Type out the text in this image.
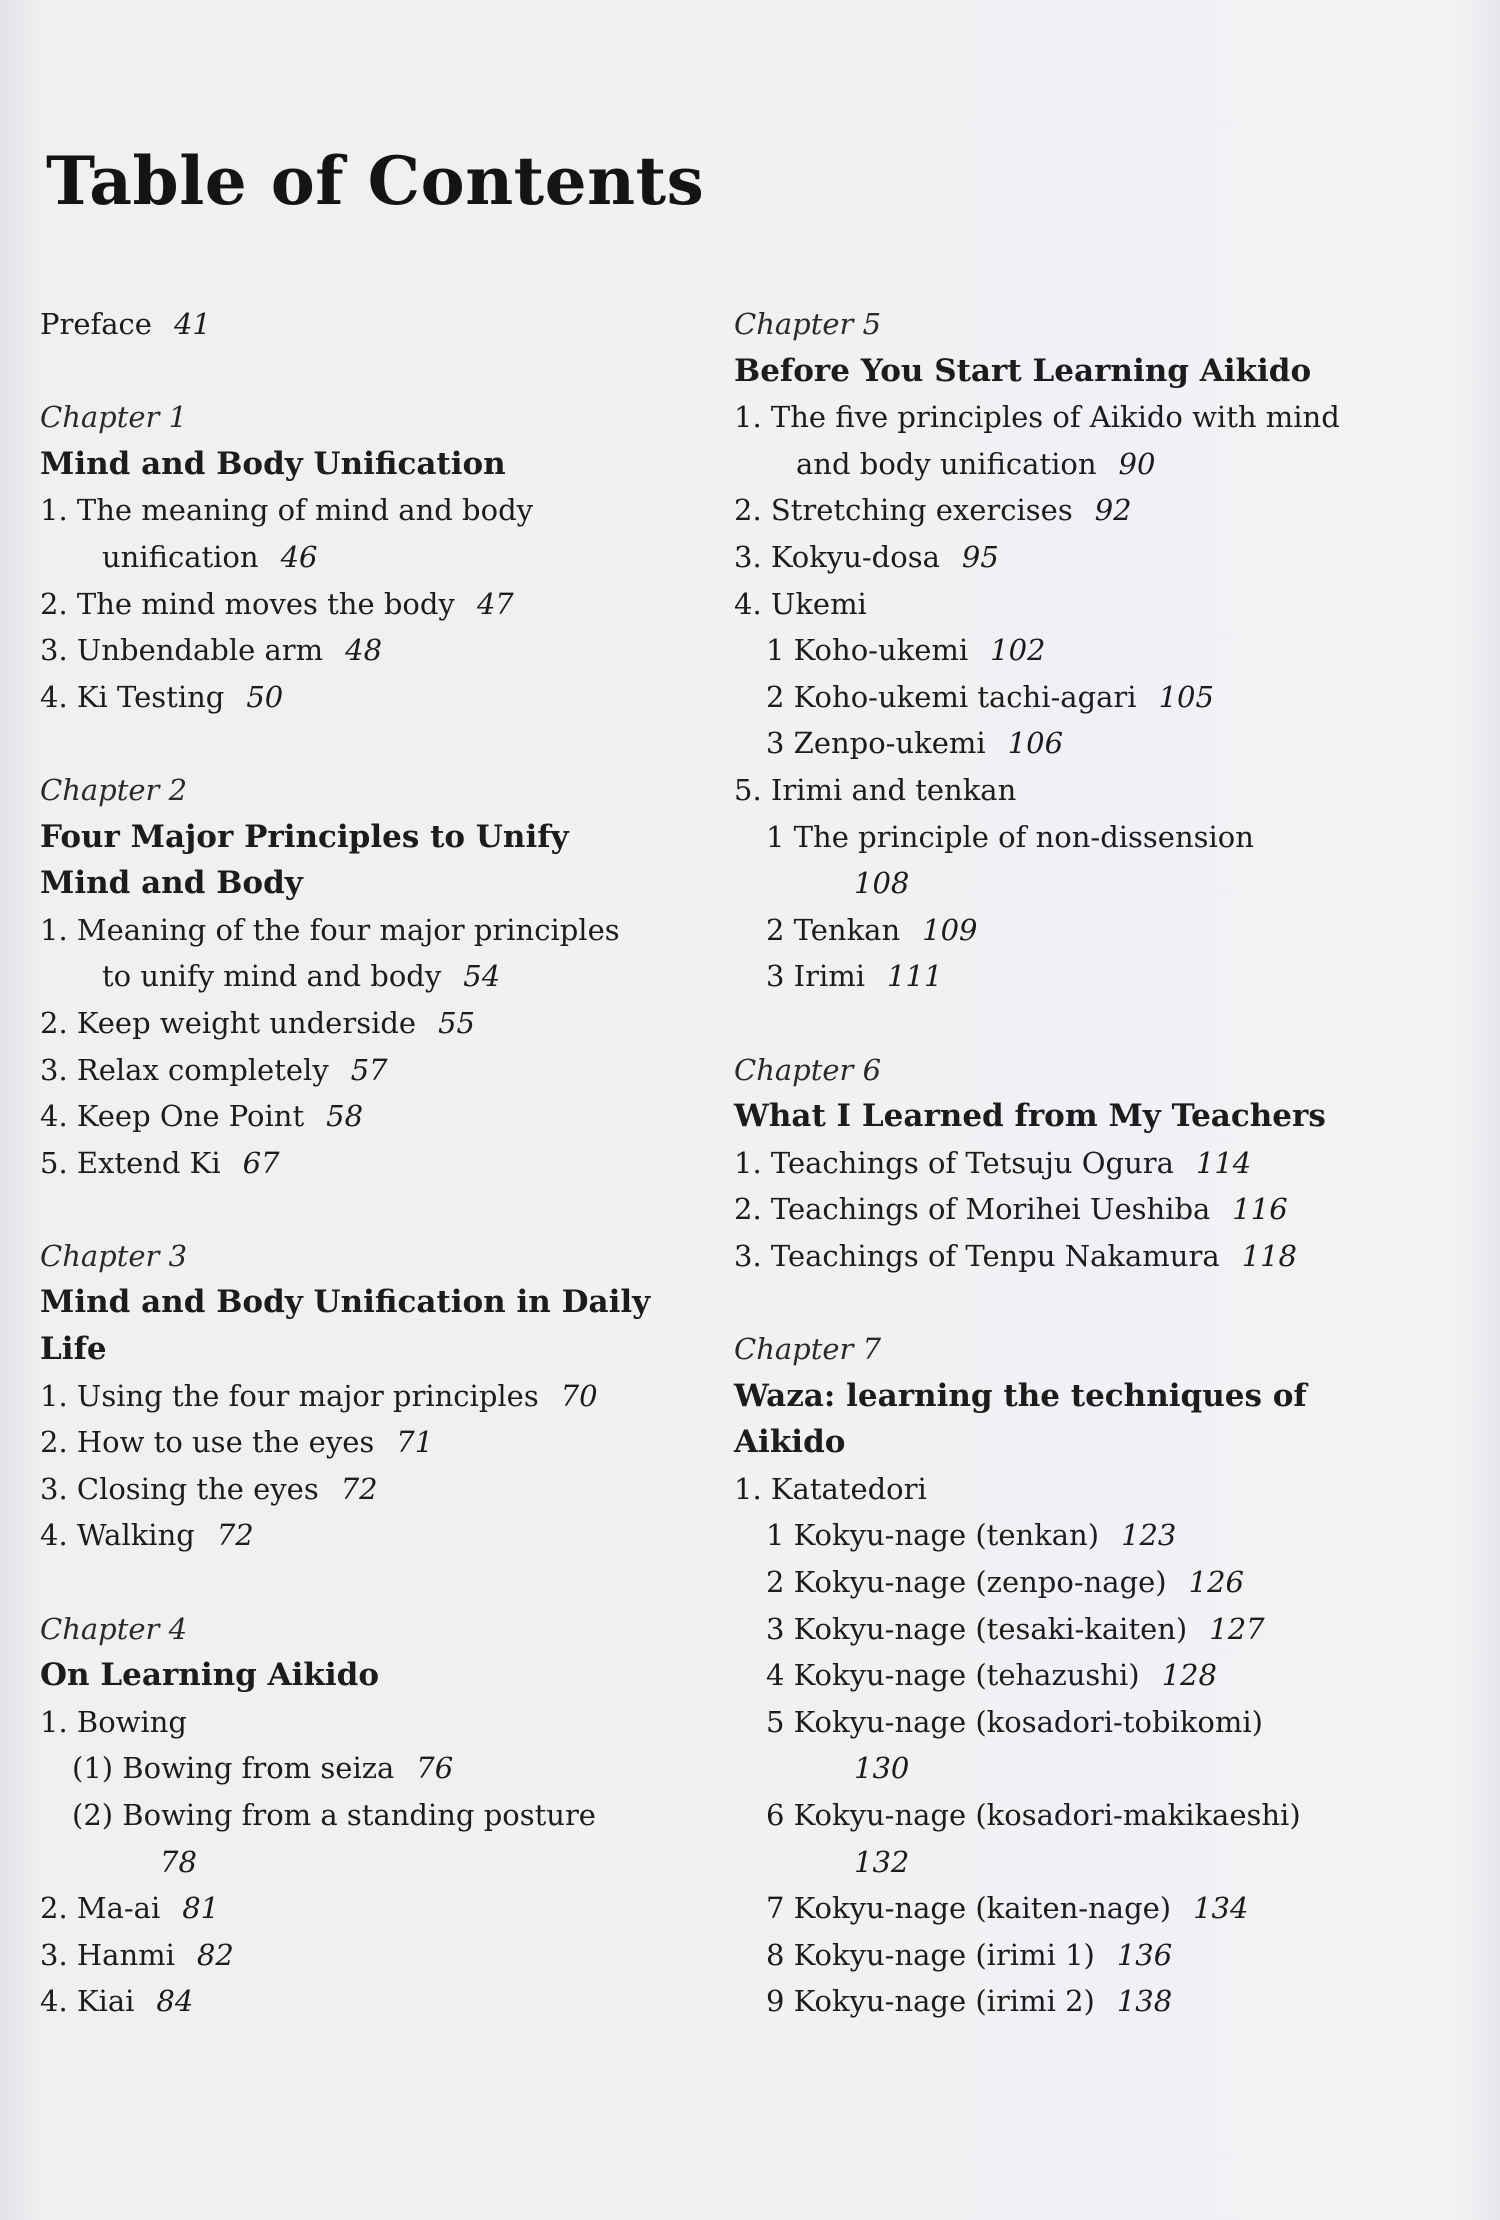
Table of Contents
Preface 41
Chapter 1
Mind and Body Unification
1. The meaning of mind and body
unification 46
2. The mind moves the body 47
3. Unbendable arm 48
4. Ki Testing 50
Chapter 2
Four Major Principles to Unify
Mind and Body
1. Meaning of the four major principles
to unify mind and body 54
2. Keep weight underside 55
3. Relax completely 57
4. Keep One Point 58
5. Extend Ki 67
Chapter 3
Mind and Body Unification in Daily
Life
1. Using the four major principles 70
2. How to use the eyes 71
3. Closing the eyes 72
4. Walking 72
Chapter 4
On Learning Aikido
1. Bowing
(1) Bowing from seiza 76
(2) Bowing from a standing posture
78
2. Ma-ai 81
3. Hanmi 82
4. Kiai 84
Chapter 5
Before You Start Learning Aikido
1. The five principles of Aikido with mind
and body unification 90
2. Stretching exercises 92
3. Kokyu-dosa 95
4. Ukemi
1 Koho-ukemi 102
2 Koho-ukemi tachi-agari 105
3 Zenpo-ukemi 106
5. Irimi and tenkan
1 The principle of non-dissension
108
2 Tenkan 109
3 Irimi 111
Chapter 6
What I Learned from My Teachers
1. Teachings of Tetsuju Ogura 114
2. Teachings of Morihei Ueshiba 116
3. Teachings of Tenpu Nakamura 118
Chapter 7
Waza: learning the techniques of
Aikido
1. Katatedori
1 Kokyu-nage (tenkan) 123
2 Kokyu-nage (zenpo-nage) 126
3 Kokyu-nage (tesaki-kaiten) 127
4 Kokyu-nage (tehazushi) 128
5 Kokyu-nage (kosadori-tobikomi)
130
6 Kokyu-nage (kosadori-makikaeshi)
132
7 Kokyu-nage (kaiten-nage) 134
8 Kokyu-nage (irimi 1) 136
9 Kokyu-nage (irimi 2) 138
